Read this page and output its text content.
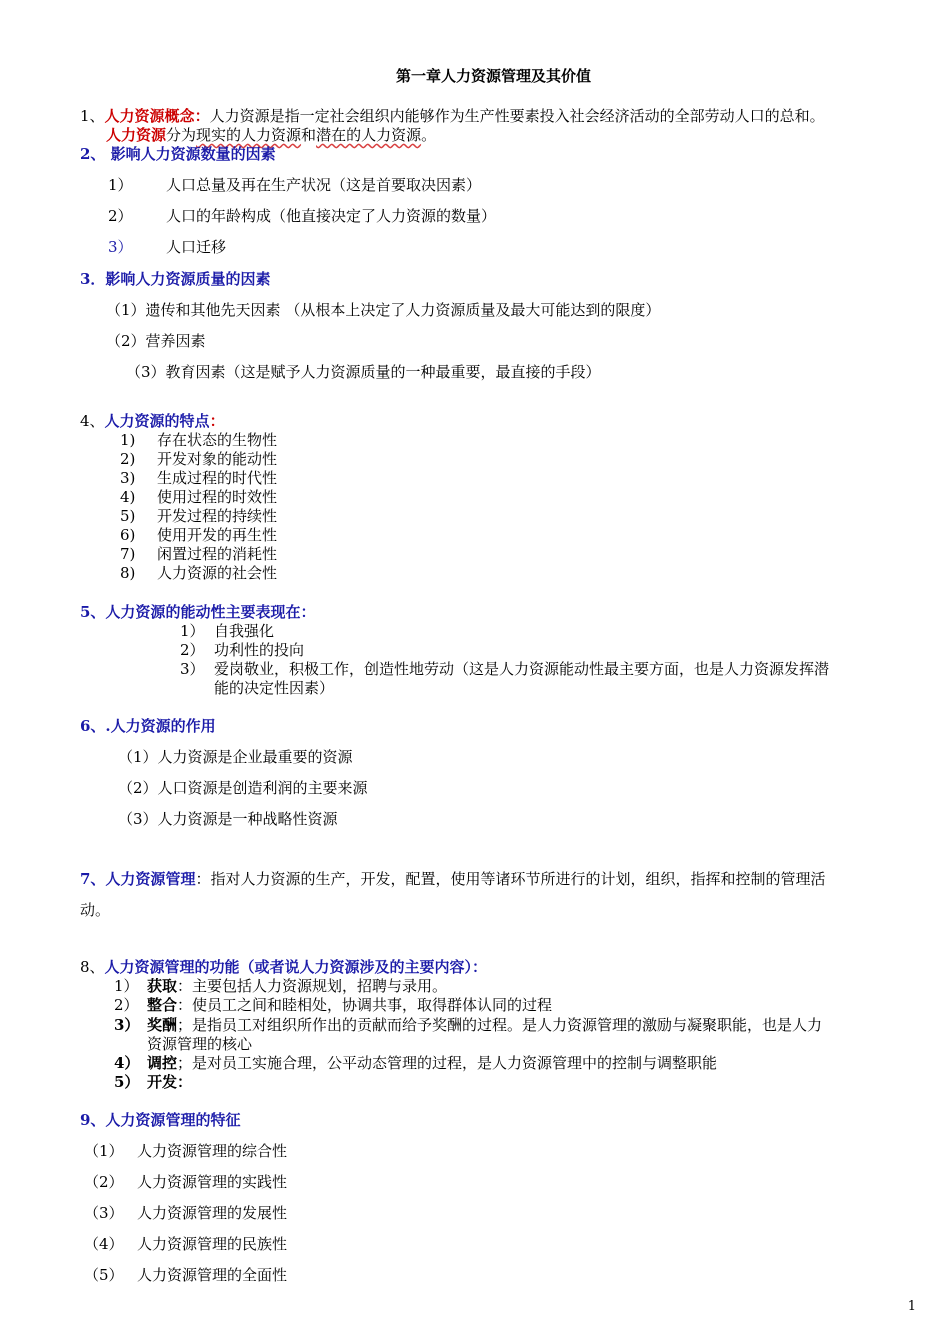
第一章人力资源管理及其价值
1、人力资源概念：人力资源是指一定社会组织内能够作为生产性要素投入社会经济活动的全部劳动人口的总和。
人力资源分为现实的人力资源和潜在的人力资源。
2、 影响人力资源数量的因素
1） 人口总量及再在生产状况（这是首要取决因素）
2） 人口的年龄构成（他直接决定了人力资源的数量）
3） 人口迁移
3．影响人力资源质量的因素
（1）遗传和其他先天因素 （从根本上决定了人力资源质量及最大可能达到的限度）
（2）营养因素
（3）教育因素（这是赋予人力资源质量的一种最重要，最直接的手段）
4、人力资源的特点：
1) 存在状态的生物性
2) 开发对象的能动性
3) 生成过程的时代性
4) 使用过程的时效性
5) 开发过程的持续性
6) 使用开发的再生性
7) 闲置过程的消耗性
8) 人力资源的社会性
5、人力资源的能动性主要表现在：
1） 自我强化
2） 功利性的投向
3） 爱岗敬业，积极工作，创造性地劳动（这是人力资源能动性最主要方面，也是人力资源发挥潜
能的决定性因素）
6、.人力资源的作用
（1）人力资源是企业最重要的资源
（2）人口资源是创造利润的主要来源
（3）人力资源是一种战略性资源
7、人力资源管理：指对人力资源的生产，开发，配置，使用等诸环节所进行的计划，组织，指挥和控制的管理活
动。
8、人力资源管理的功能（或者说人力资源涉及的主要内容）：
1） 获取：主要包括人力资源规划，招聘与录用。
2） 整合：使员工之间和睦相处，协调共事，取得群体认同的过程
3） 奖酬；是指员工对组织所作出的贡献而给予奖酬的过程。是人力资源管理的激励与凝聚职能，也是人力
资源管理的核心
4） 调控；是对员工实施合理，公平动态管理的过程，是人力资源管理中的控制与调整职能
5） 开发：
9、人力资源管理的特征
（1） 人力资源管理的综合性
（2） 人力资源管理的实践性
（3） 人力资源管理的发展性
（4） 人力资源管理的民族性
（5） 人力资源管理的全面性
1
